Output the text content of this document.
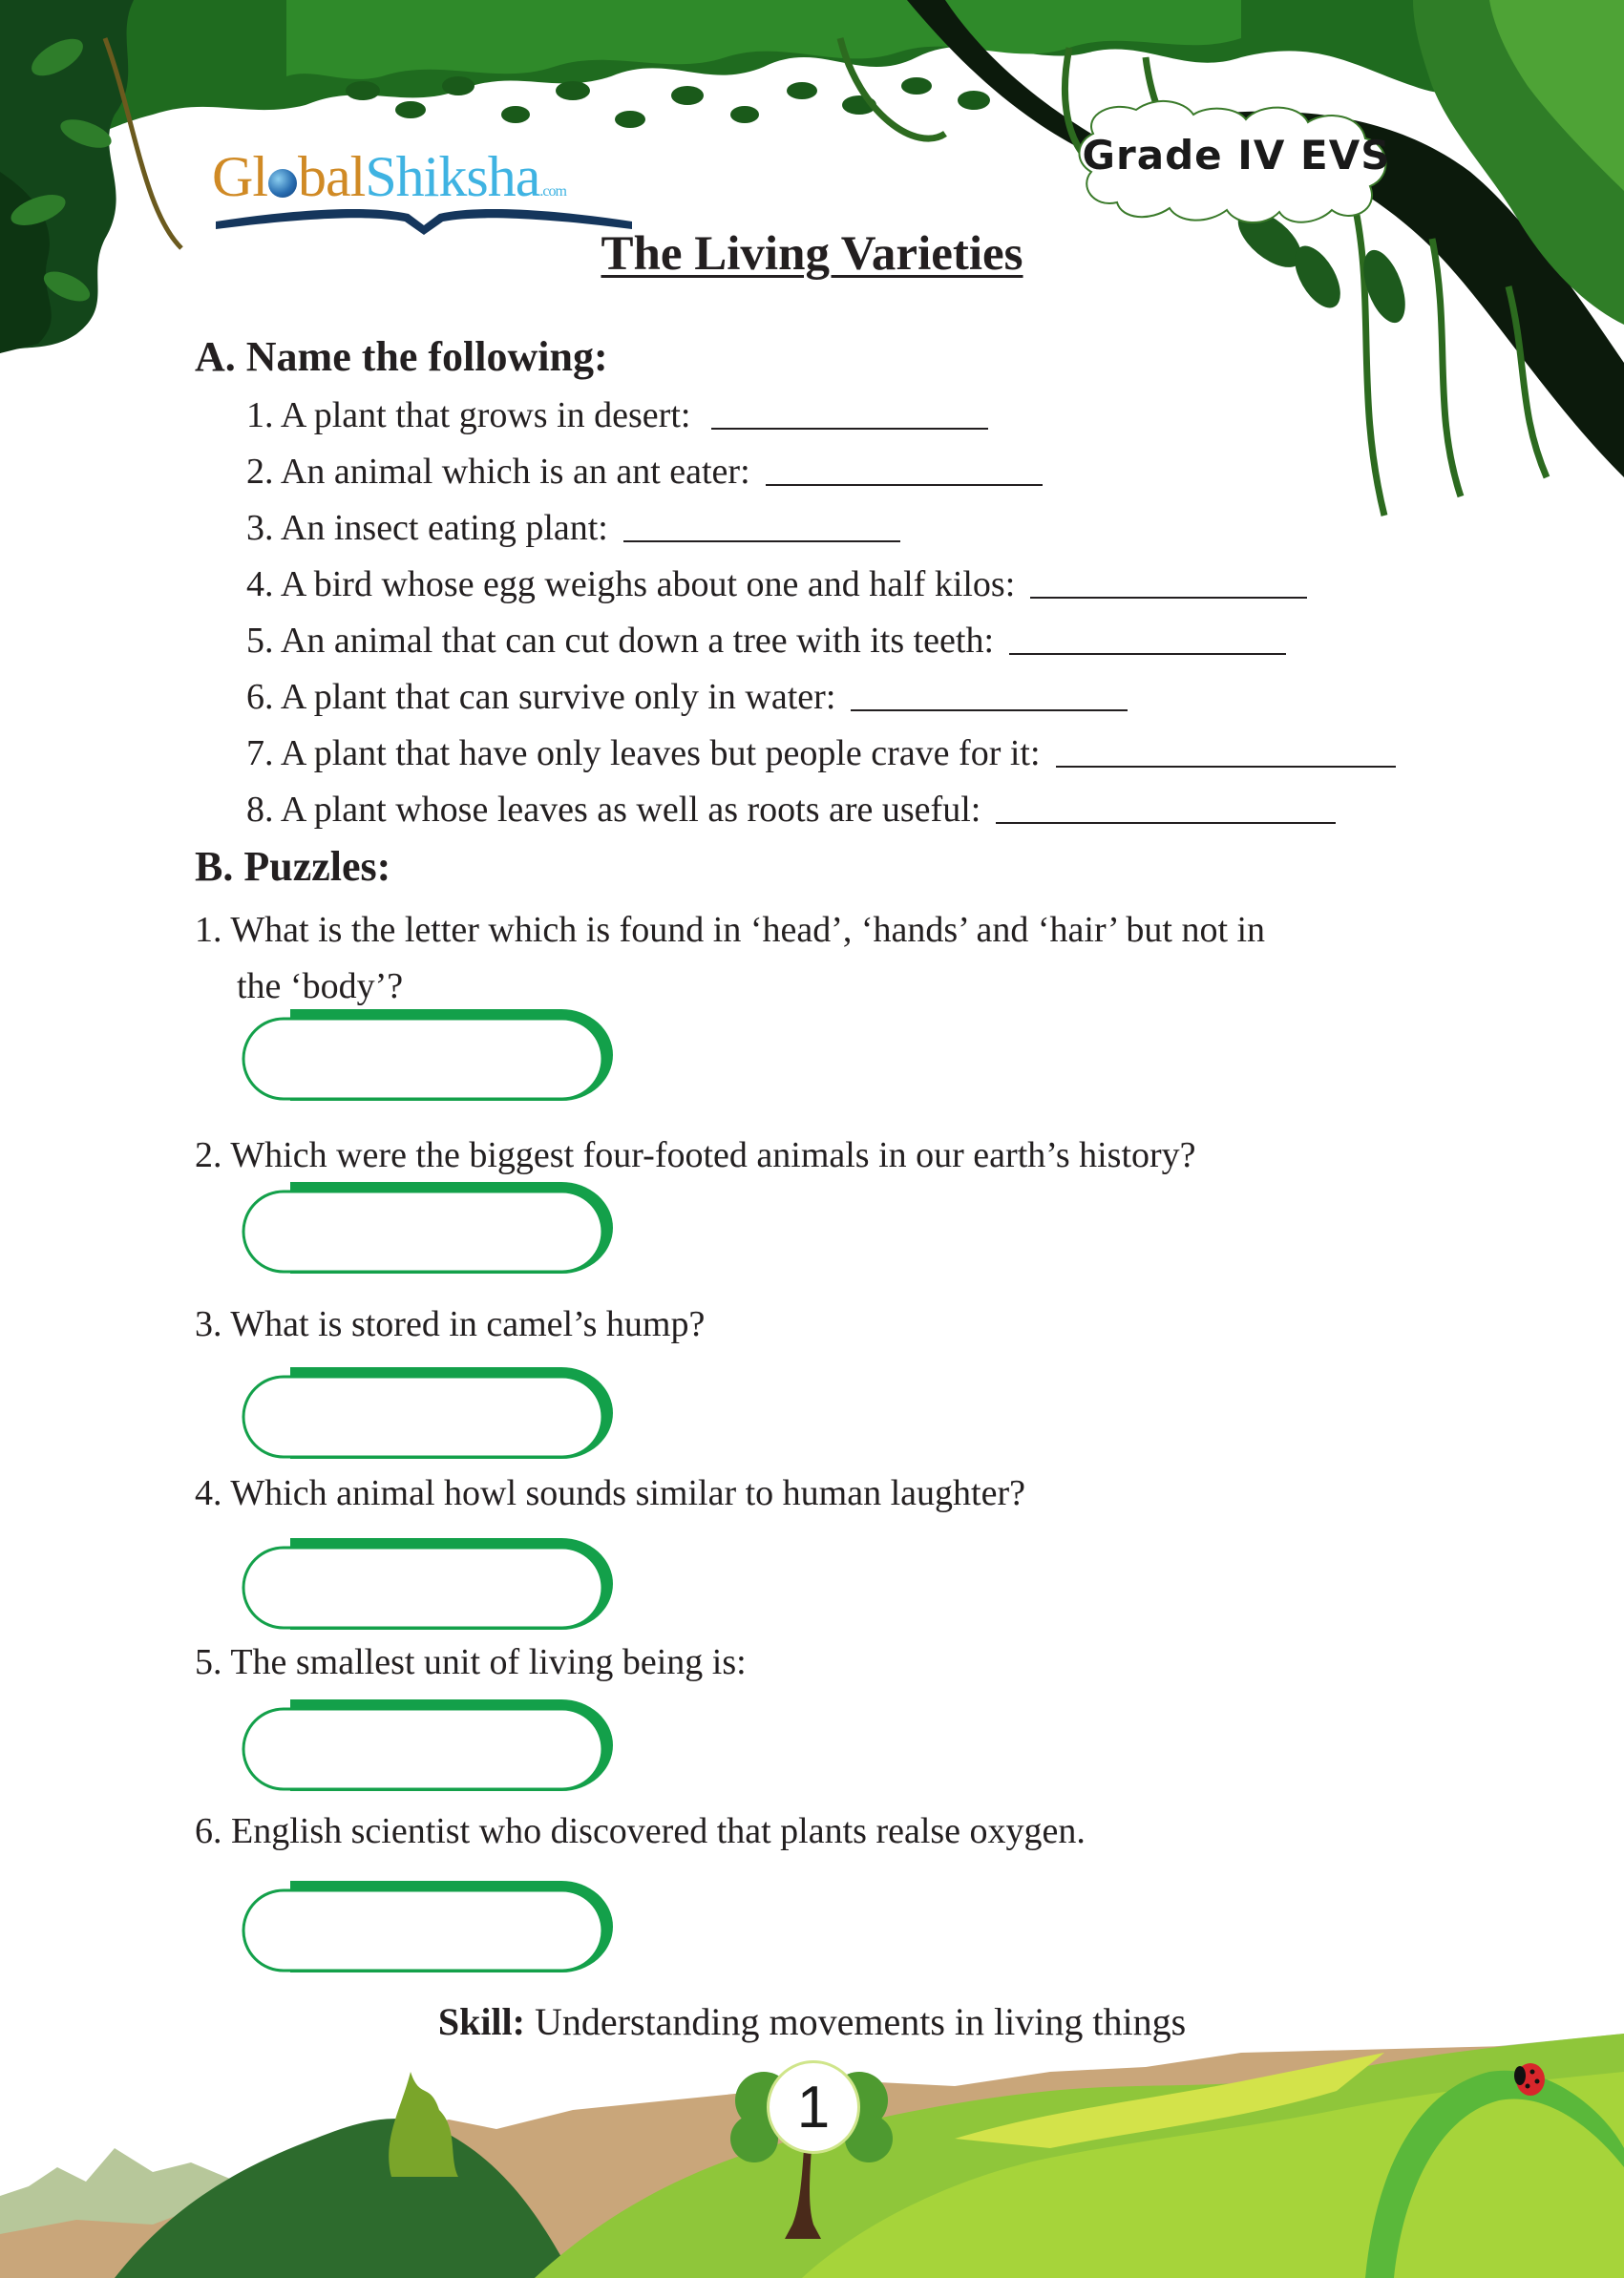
Gl balShiksha.com
Grade IV EVS
The Living Varieties
A. Name the following:
1. A plant that grows in desert:
2. An animal which is an ant eater:
3. An insect eating plant:
4. A bird whose egg weighs about one and half kilos:
5. An animal that can cut down a tree with its teeth:
6. A plant that can survive only in water:
7. A plant that have only leaves but people crave for it:
8. A plant whose leaves as well as roots are useful:
B. Puzzles:
1. What is the letter which is found in ‘head’, ‘hands’ and ‘hair’ but not in
the ‘body’?
2. Which were the biggest four-footed animals in our earth’s history?
3. What is stored in camel’s hump?
4. Which animal howl sounds similar to human laughter?
5. The smallest unit of living being is:
6. English scientist who discovered that plants realse oxygen.
Skill: Understanding movements in living things
1
